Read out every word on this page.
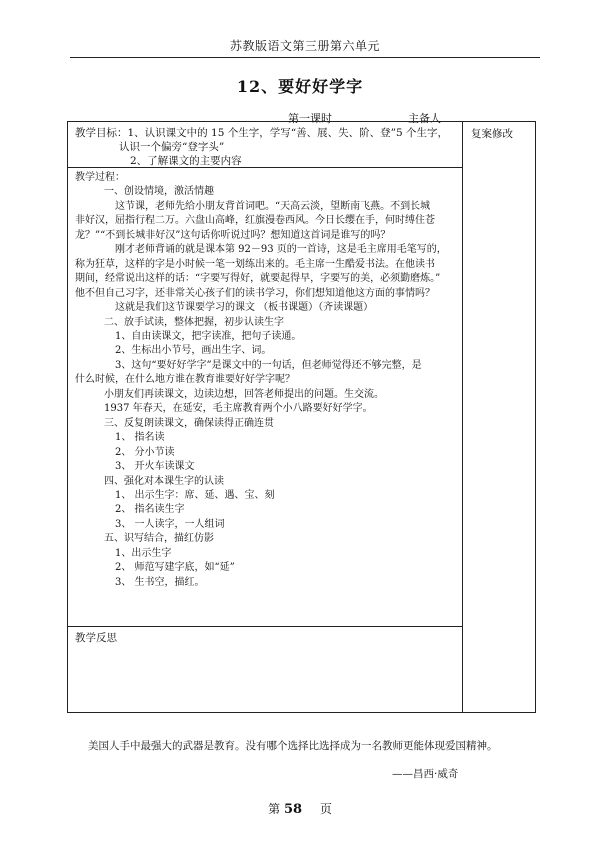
苏教版语文第三册第六单元
12、要好好学字
第一课时	主备人
教学目标：1、认识课文中的 15 个生字，学写“善、展、失、阶、登”5 个生字，
认识一个偏旁“登字头”
2、了解课文的主要内容
复案修改
教学过程：
一、创设情境，激活情趣
这节课，老师先给小朋友背首词吧。“天高云淡，望断南飞燕。不到长城
非好汉，屈指行程二万。六盘山高峰，红旗漫卷西风。今日长缨在手，何时缚住苍
龙？”“不到长城非好汉”这句话你听说过吗？想知道这首词是谁写的吗？
刚才老师背诵的就是课本第 92－93 页的一首诗，这是毛主席用毛笔写的，
称为狂草，这样的字是小时候一笔一划练出来的。毛主席一生酷爱书法。在他读书
期间，经常说出这样的话：“字要写得好，就要起得早，字要写的美，必须勤磨炼。”
他不但自己习字，还非常关心孩子们的读书学习，你们想知道他这方面的事情吗？
这就是我们这节课要学习的课文 （板书课题）（齐读课题）
二、放手试读，整体把握，初步认读生字
1、自由读课文，把字读准，把句子读通。
2、生标出小节号，画出生字、词。
3、这句“要好好学字”是课文中的一句话，但老师觉得还不够完整，是
什么时候，在什么地方谁在教育谁要好好学字呢？
小朋友们再读课文，边读边想，回答老师提出的问题。生交流。
1937 年春天，在延安，毛主席教育两个小八路要好好学字。
三、反复朗读课文，确保读得正确连贯
1、 指名读
2、 分小节读
3、 开火车读课文
四、强化对本课生字的认读
1、 出示生字：席、延、遇、宝、刻
2、 指名读生字
3、 一人读字，一人组词
五、识写结合，描红仿影
1、出示生字
2、 师范写建字底，如“延”
3、 生书空，描红。
教学反思
美国人手中最强大的武器是教育。没有哪个选择比选择成为一名教师更能体现爱国精神。
——昌西·威奇
第 58 页
